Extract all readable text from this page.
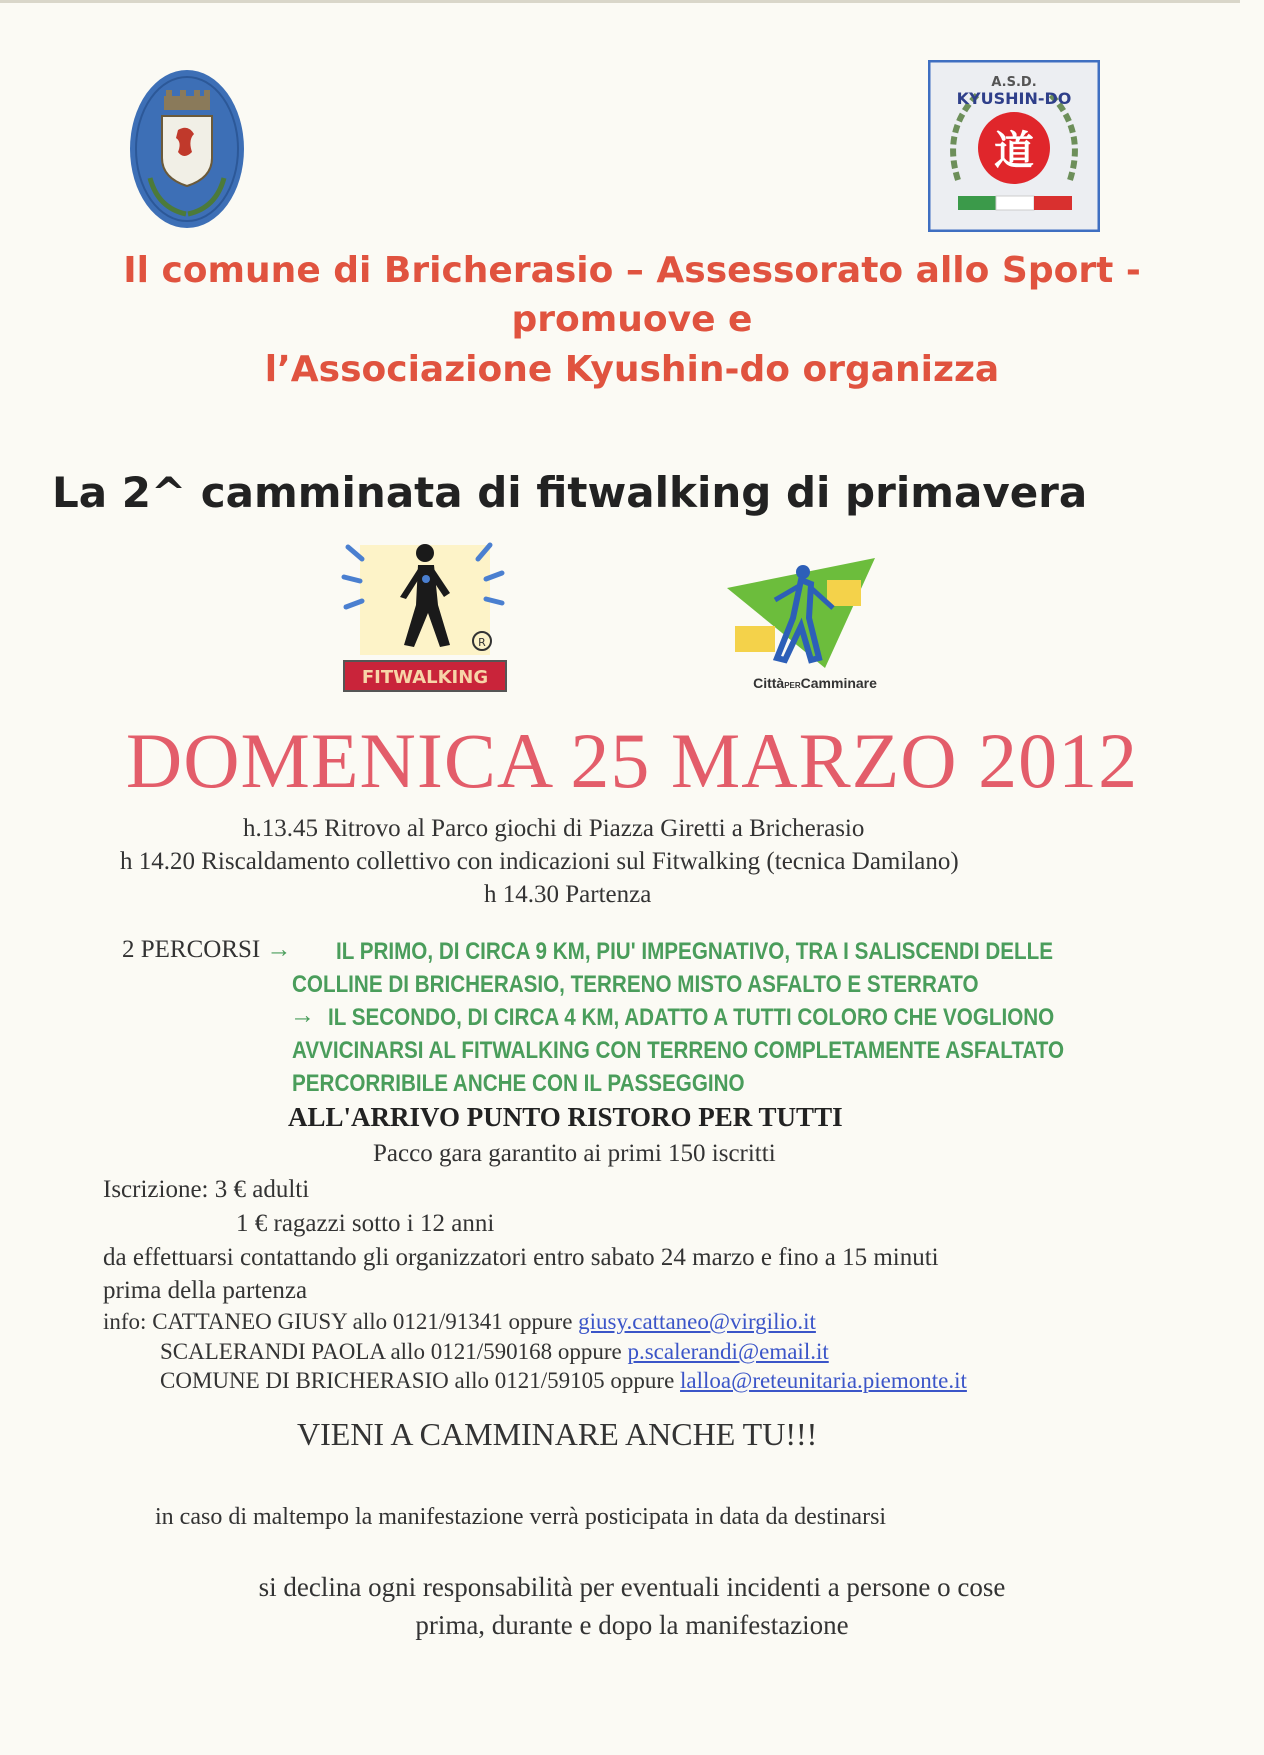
A.S.D.
KYUSHIN-DO
道
Il comune di Bricherasio – Assessorato allo Sport -
promuove e
l’Associazione Kyushin-do organizza
La 2^ camminata di fitwalking di primavera
R
FITWALKING	CittàPERCamminare
DOMENICA 25 MARZO 2012

h.13.45 Ritrovo al Parco giochi di Piazza Giretti a Bricherasio

h 14.20 Riscaldamento collettivo con indicazioni sul Fitwalking (tecnica Damilano)

h 14.30 Partenza

2 PERCORSI → IL PRIMO, DI CIRCA 9 KM, PIU' IMPEGNATIVO, TRA I SALISCENDI DELLE

COLLINE DI BRICHERASIO, TERRENO MISTO ASFALTO E STERRATO

→ IL SECONDO, DI CIRCA 4 KM, ADATTO A TUTTI COLORO CHE VOGLIONO

AVVICINARSI AL FITWALKING CON TERRENO COMPLETAMENTE ASFALTATO

PERCORRIBILE ANCHE CON IL PASSEGGINO

ALL'ARRIVO PUNTO RISTORO PER TUTTI

Pacco gara garantito ai primi 150 iscritti

Iscrizione: 3 € adulti

1 € ragazzi sotto i 12 anni

da effettuarsi contattando gli organizzatori entro sabato 24 marzo e fino a 15 minuti

prima della partenza

info: CATTANEO GIUSY allo 0121/91341 oppure giusy.cattaneo@virgilio.it

SCALERANDI PAOLA allo 0121/590168 oppure p.scalerandi@email.it

COMUNE DI BRICHERASIO allo 0121/59105 oppure lalloa@reteunitaria.piemonte.it

VIENI A CAMMINARE ANCHE TU!!!

in caso di maltempo la manifestazione verrà posticipata in data da destinarsi

si declina ogni responsabilità per eventuali incidenti a persone o cose

prima, durante e dopo la manifestazione
